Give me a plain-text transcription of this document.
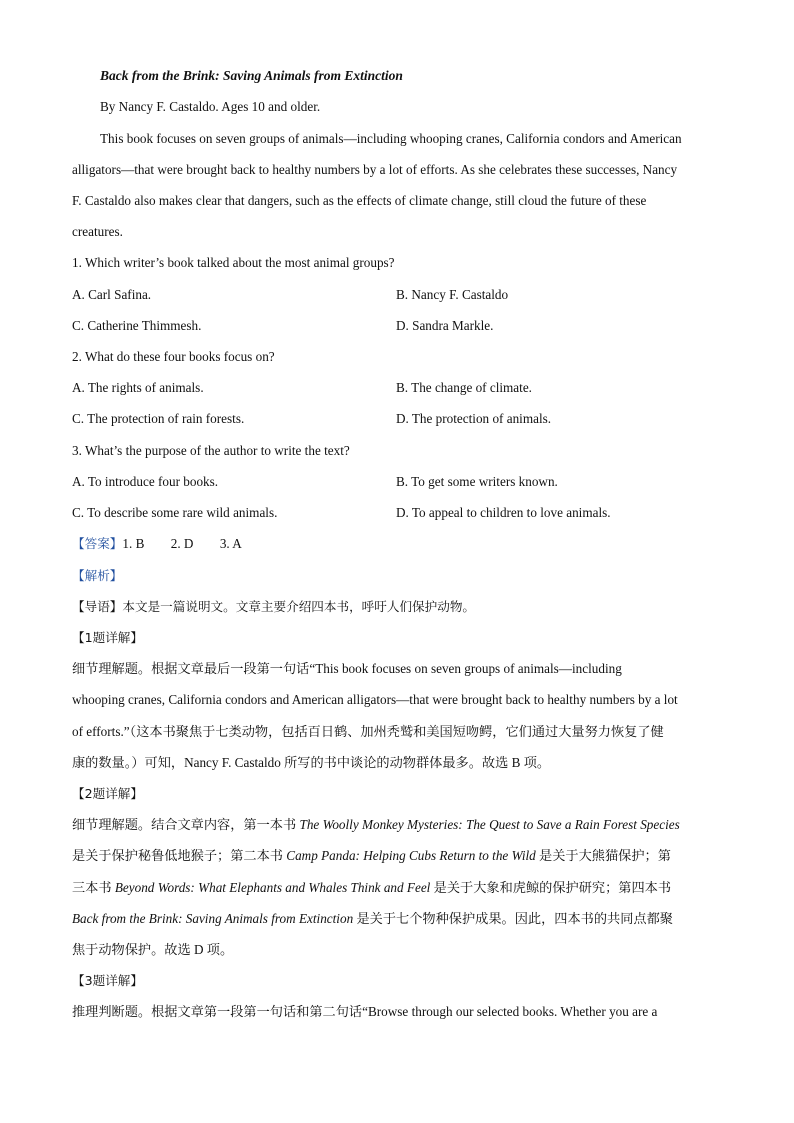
Back from the Brink: Saving Animals from Extinction
By Nancy F. Castaldo. Ages 10 and older.
This book focuses on seven groups of animals—including whooping cranes, California condors and American
alligators—that were brought back to healthy numbers by a lot of efforts. As she celebrates these successes, Nancy
F. Castaldo also makes clear that dangers, such as the effects of climate change, still cloud the future of these
creatures.
1. Which writer’s book talked about the most animal groups?
A. Carl Safina.	B. Nancy F. Castaldo
C. Catherine Thimmesh.	D. Sandra Markle.
2. What do these four books focus on?
A. The rights of animals.	B. The change of climate.
C. The protection of rain forests.	D. The protection of animals.
3. What’s the purpose of the author to write the text?
A. To introduce four books.	B. To get some writers known.
C. To describe some rare wild animals.	D. To appeal to children to love animals.
【答案】1. B        2. D        3. A
【解析】
【导语】本文是一篇说明文。文章主要介绍四本书，呼吁人们保护动物。
【1题详解】
细节理解题。根据文章最后一段第一句话“This book focuses on seven groups of animals—including
whooping cranes, California condors and American alligators—that were brought back to healthy numbers by a lot
of efforts.”（这本书聚焦于七类动物，包括百日鹤、加州秃鹫和美国短吻鳄，它们通过大量努力恢复了健
康的数量。）可知，Nancy F. Castaldo 所写的书中谈论的动物群体最多。故选 B 项。
【2题详解】
细节理解题。结合文章内容，第一本书 The Woolly Monkey Mysteries: The Quest to Save a Rain Forest Species
是关于保护秘鲁低地猴子；第二本书 Camp Panda: Helping Cubs Return to the Wild 是关于大熊猫保护；第
三本书 Beyond Words: What Elephants and Whales Think and Feel 是关于大象和虎鲸的保护研究；第四本书
Back from the Brink: Saving Animals from Extinction 是关于七个物种保护成果。因此，四本书的共同点都聚
焦于动物保护。故选 D 项。
【3题详解】
推理判断题。根据文章第一段第一句话和第二句话“Browse through our selected books. Whether you are a
